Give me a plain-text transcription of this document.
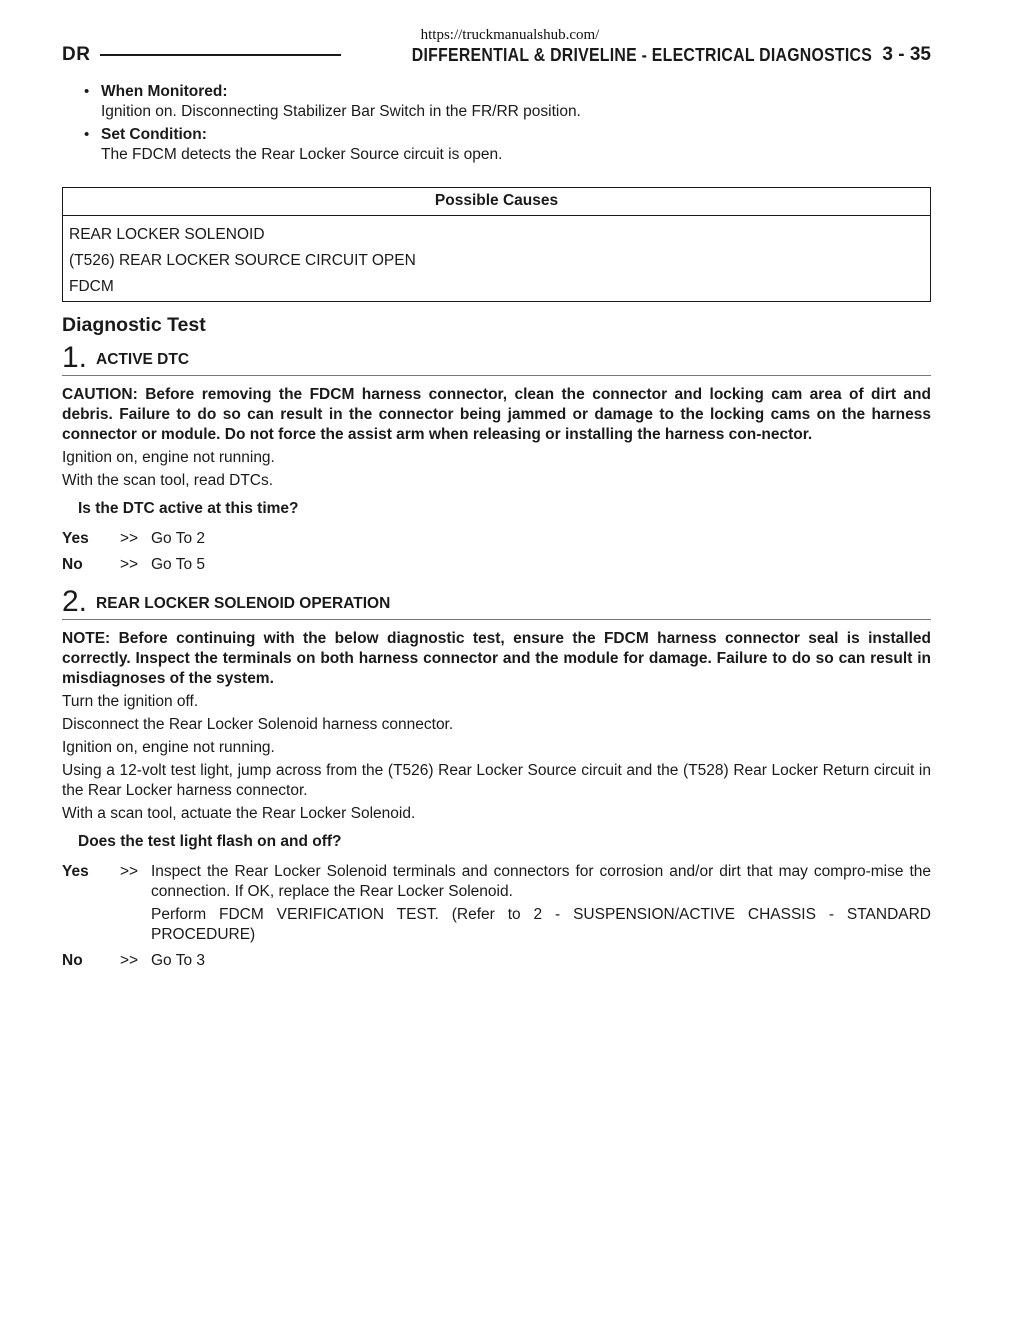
https://truckmanualshub.com/
DR	DIFFERENTIAL & DRIVELINE - ELECTRICAL DIAGNOSTICS 3 - 35
• When Monitored:
Ignition on. Disconnecting Stabilizer Bar Switch in the FR/RR position.
• Set Condition:
The FDCM detects the Rear Locker Source circuit is open.
Possible Causes
REAR LOCKER SOLENOID
(T526) REAR LOCKER SOURCE CIRCUIT OPEN
FDCM
Diagnostic Test
1. ACTIVE DTC

CAUTION: Before removing the FDCM harness connector, clean the connector and locking cam area of dirt and debris. Failure to do so can result in the connector being jammed or damage to the locking cams on the harness connector or module. Do not force the assist arm when releasing or installing the harness con-nector.

Ignition on, engine not running.

With the scan tool, read DTCs.

Is the DTC active at this time?

Yes	>> Go To 2

No	>> Go To 5

2. REAR LOCKER SOLENOID OPERATION

NOTE: Before continuing with the below diagnostic test, ensure the FDCM harness connector seal is installed correctly. Inspect the terminals on both harness connector and the module for damage. Failure to do so can result in misdiagnoses of the system.

Turn the ignition off.

Disconnect the Rear Locker Solenoid harness connector.

Ignition on, engine not running.

Using a 12-volt test light, jump across from the (T526) Rear Locker Source circuit and the (T528) Rear Locker Return circuit in the Rear Locker harness connector.

With a scan tool, actuate the Rear Locker Solenoid.

Does the test light flash on and off?

Yes	>> Inspect the Rear Locker Solenoid terminals and connectors for corrosion and/or dirt that may compro-mise the connection. If OK, replace the Rear Locker Solenoid.

Perform FDCM VERIFICATION TEST. (Refer to 2 - SUSPENSION/ACTIVE CHASSIS - STANDARD PROCEDURE)

No	>> Go To 3
